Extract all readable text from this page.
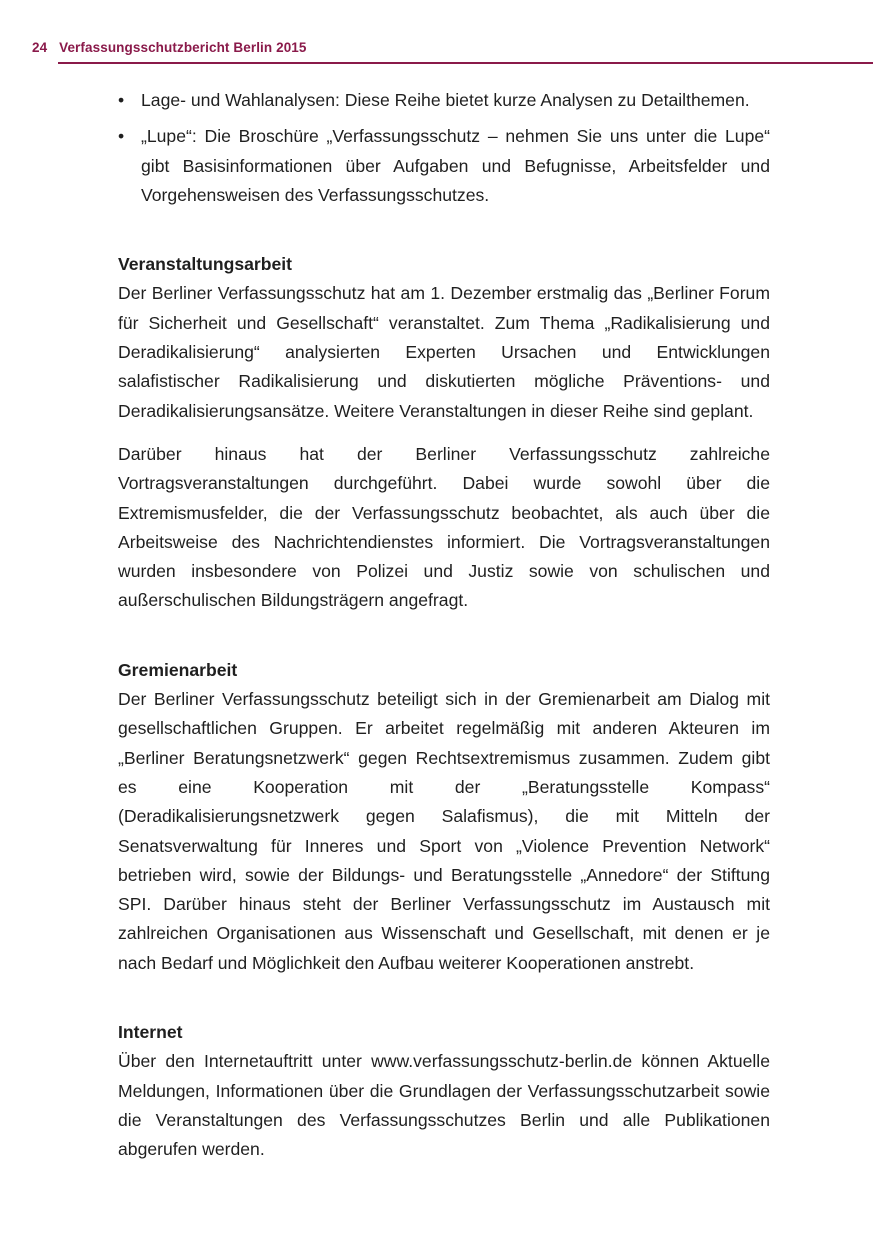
24 Verfassungsschutzbericht Berlin 2015
• Lage- und Wahlanalysen: Diese Reihe bietet kurze Analysen zu Detailthemen.
• „Lupe“: Die Broschüre „Verfassungsschutz – nehmen Sie uns unter die Lupe“ gibt Basisinformationen über Aufgaben und Befugnisse, Arbeitsfelder und Vorgehensweisen des Verfassungsschutzes.
Veranstaltungsarbeit

Der Berliner Verfassungsschutz hat am 1. Dezember erstmalig das „Berliner Forum für Sicherheit und Gesellschaft“ veranstaltet. Zum Thema „Radikalisierung und Deradikalisierung“ analysierten Experten Ursachen und Entwicklungen salafistischer Radikalisierung und diskutierten mögliche Präventions- und Deradikalisierungsansätze. Weitere Veranstaltungen in dieser Reihe sind geplant.

Darüber hinaus hat der Berliner Verfassungsschutz zahlreiche Vortragsveranstaltungen durchgeführt. Dabei wurde sowohl über die Extremismusfelder, die der Verfassungsschutz beobachtet, als auch über die Arbeitsweise des Nachrichtendienstes informiert. Die Vortragsveranstaltungen wurden insbesondere von Polizei und Justiz sowie von schulischen und außerschulischen Bildungsträgern angefragt.

Gremienarbeit

Der Berliner Verfassungsschutz beteiligt sich in der Gremienarbeit am Dialog mit gesellschaftlichen Gruppen. Er arbeitet regelmäßig mit anderen Akteuren im „Berliner Beratungsnetzwerk“ gegen Rechtsextremismus zusammen. Zudem gibt es eine Kooperation mit der „Beratungsstelle Kompass“ (Deradikalisierungsnetzwerk gegen Salafismus), die mit Mitteln der Senatsverwaltung für Inneres und Sport von „Violence Prevention Network“ betrieben wird, sowie der Bildungs- und Beratungsstelle „Annedore“ der Stiftung SPI. Darüber hinaus steht der Berliner Verfassungsschutz im Austausch mit zahlreichen Organisationen aus Wissenschaft und Gesellschaft, mit denen er je nach Bedarf und Möglichkeit den Aufbau weiterer Kooperationen anstrebt.

Internet

Über den Internetauftritt unter www.verfassungsschutz-berlin.de können Aktuelle Meldungen, Informationen über die Grundlagen der Verfassungsschutzarbeit sowie die Veranstaltungen des Verfassungsschutzes Berlin und alle Publikationen abgerufen werden.
